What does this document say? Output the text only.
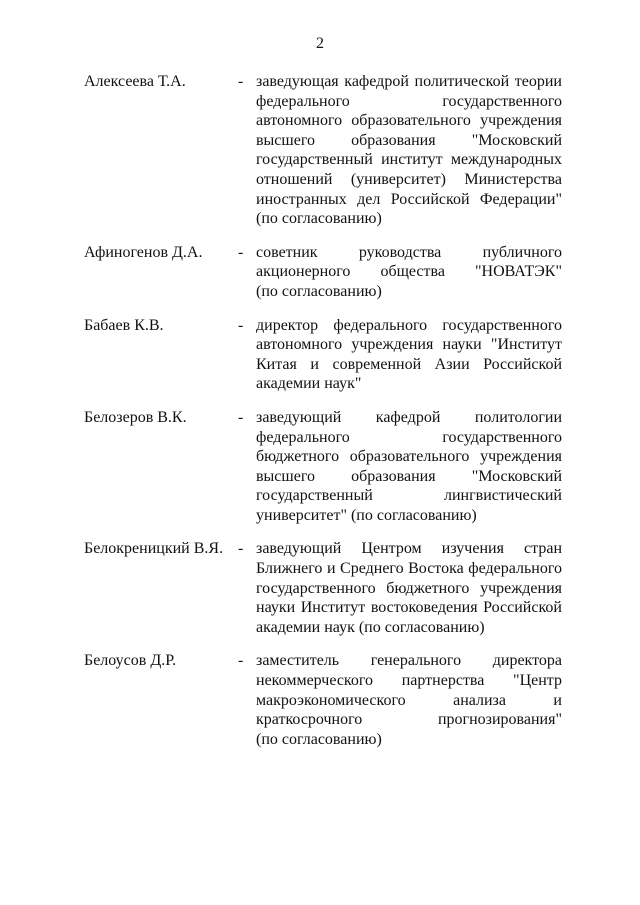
2
Алексеева Т.А.	- заведующая кафедрой политической теории
федерального государственного
автономного образовательного учреждения
высшего образования "Московский
государственный институт международных
отношений (университет) Министерства
иностранных дел Российской Федерации"
(по согласованию)
Афиногенов Д.А. - советник руководства публичного
акционерного общества "НОВАТЭК"
(по согласованию)
Бабаев К.В.	- директор федерального государственного
автономного учреждения науки "Институт
Китая и современной Азии Российской
академии наук"
Белозеров В.К.	- заведующий кафедрой политологии
федерального государственного
бюджетного образовательного учреждения
высшего образования "Московский
государственный лингвистический
университет" (по согласованию)
Белокреницкий В.Я. - заведующий Центром изучения стран
Ближнего и Среднего Востока федерального
государственного бюджетного учреждения
науки Институт востоковедения Российской
академии наук (по согласованию)
Белоусов Д.Р.	- заместитель генерального директора
некоммерческого партнерства "Центр
макроэкономического анализа и
краткосрочного прогнозирования"
(по согласованию)
